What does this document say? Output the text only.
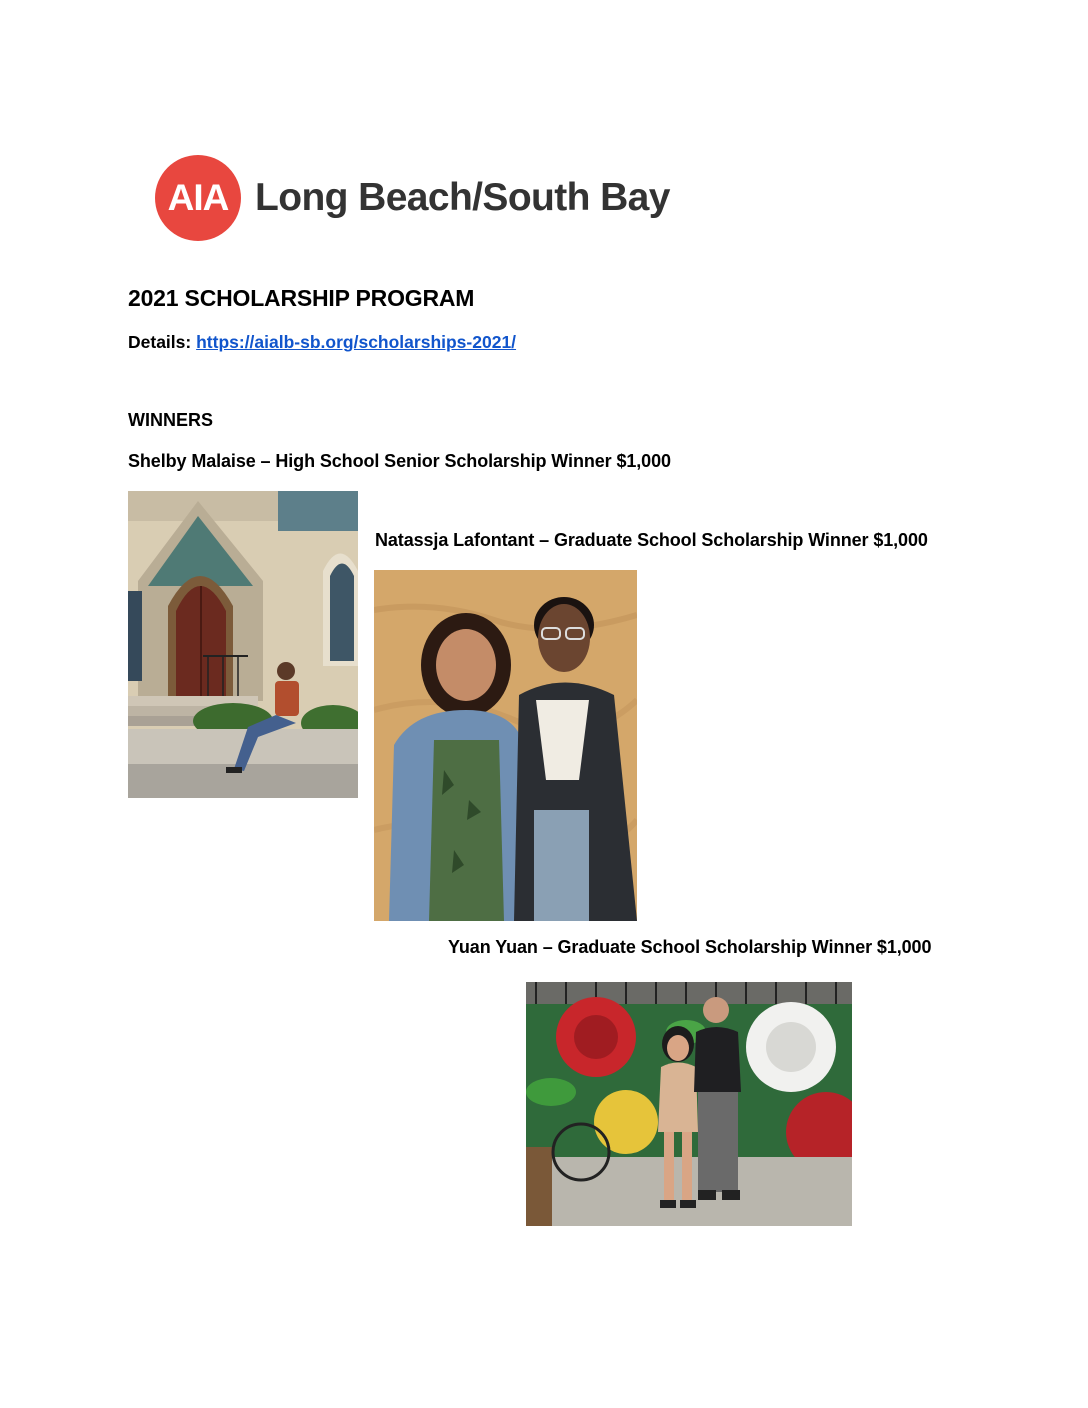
AIA Long Beach/South Bay
2021 SCHOLARSHIP PROGRAM
Details: https://aialb-sb.org/scholarships-2021/
WINNERS
Shelby Malaise – High School Senior Scholarship Winner $1,000
Natassja Lafontant – Graduate School Scholarship Winner $1,000
Yuan Yuan – Graduate School Scholarship Winner $1,000
